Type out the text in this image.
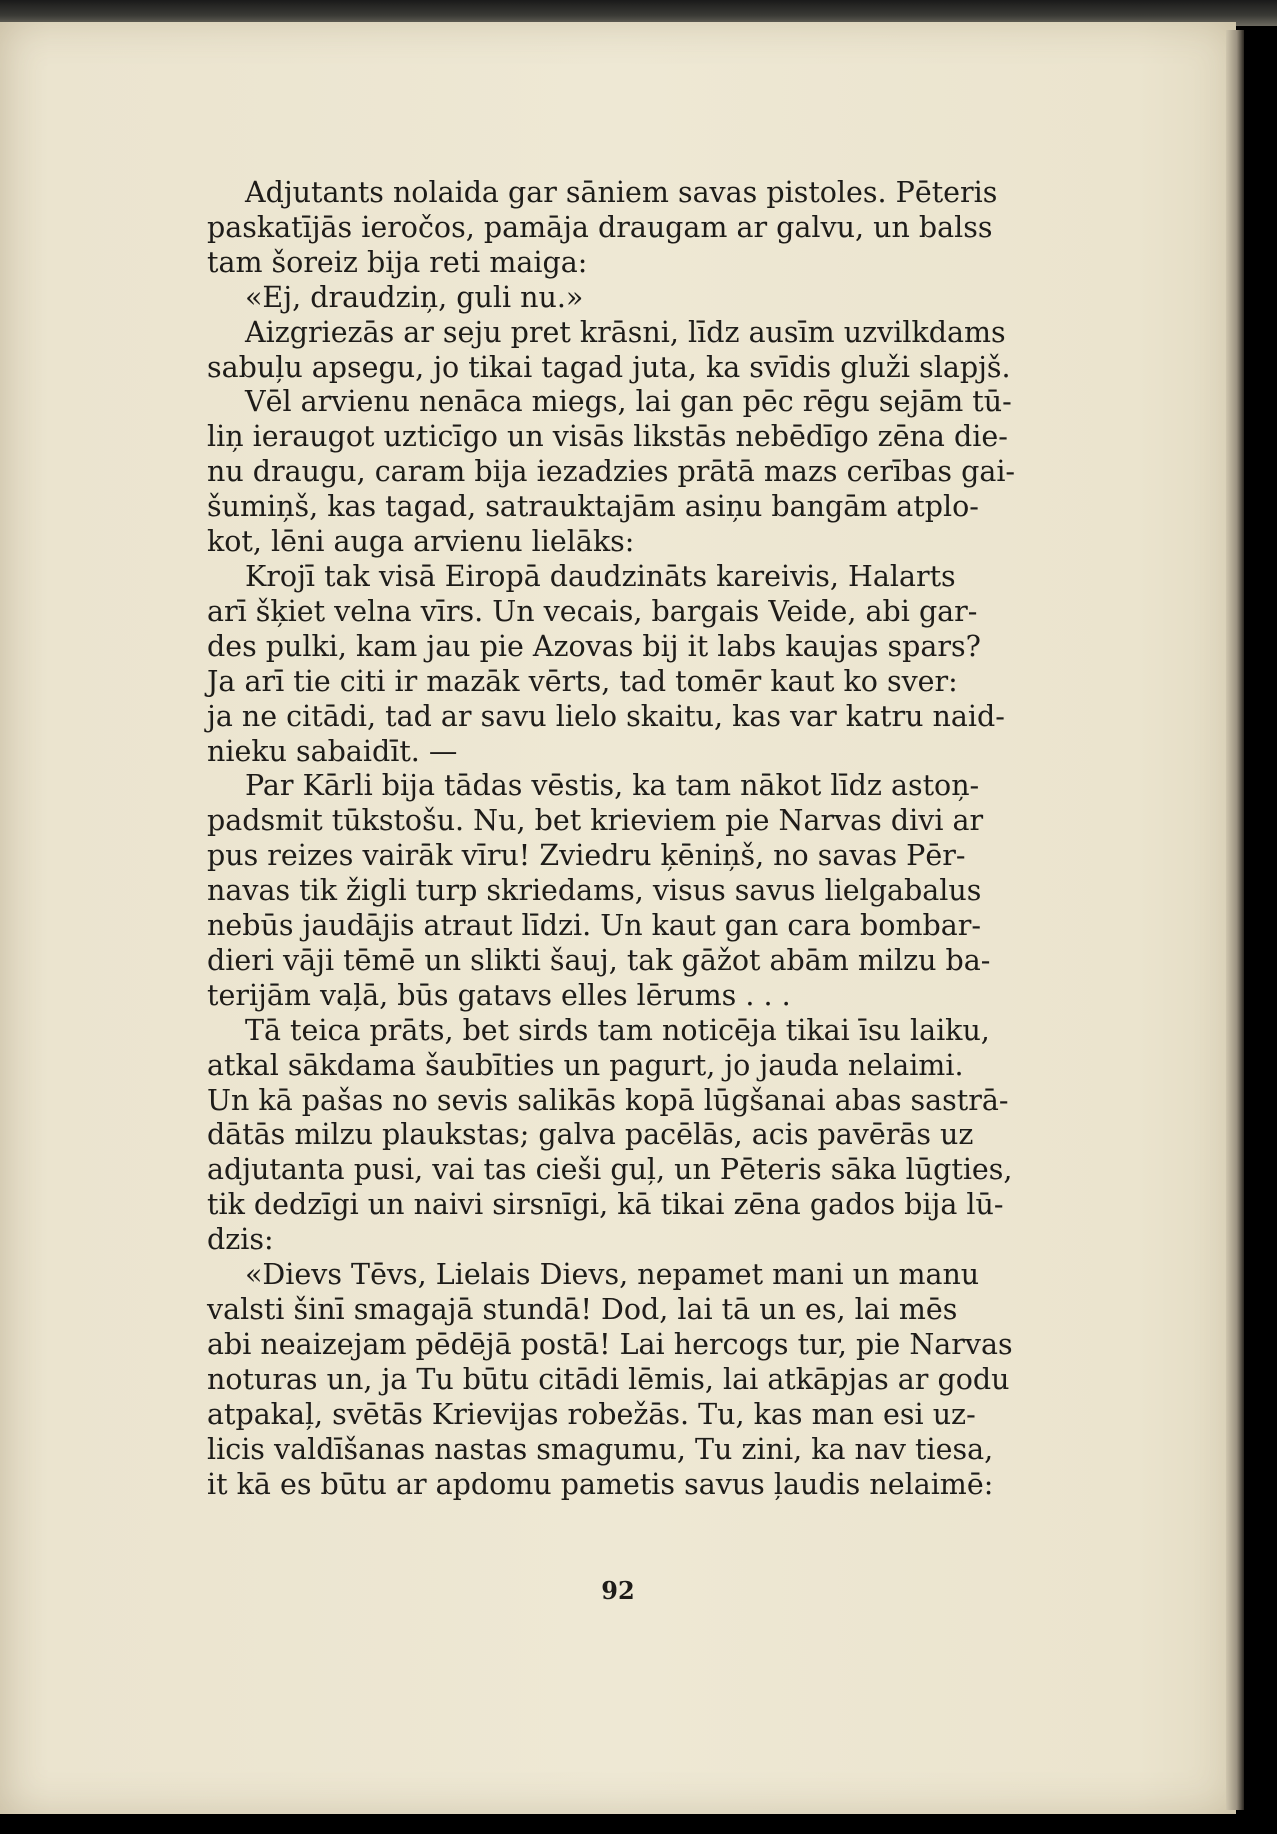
Adjutants nolaida gar sāniem savas pistoles. Pēteris
paskatījās ieročos, pamāja draugam ar galvu, un balss
tam šoreiz bija reti maiga:

«Ej, draudziņ, guli nu.»

Aizgriezās ar seju pret krāsni, līdz ausīm uzvilkdams
sabuļu apsegu, jo tikai tagad juta, ka svīdis gluži slapjš.

Vēl arvienu nenāca miegs, lai gan pēc rēgu sejām tū-
liņ ieraugot uzticīgo un visās likstās nebēdīgo zēna die-
nu draugu, caram bija iezadzies prātā mazs cerības gai-
šumiņš, kas tagad, satrauktajām asiņu bangām atplo-
kot, lēni auga arvienu lielāks:

Krojī tak visā Eiropā daudzināts kareivis, Halarts
arī šķiet velna vīrs. Un vecais, bargais Veide, abi gar-
des pulki, kam jau pie Azovas bij it labs kaujas spars?
Ja arī tie citi ir mazāk vērts, tad tomēr kaut ko sver:
ja ne citādi, tad ar savu lielo skaitu, kas var katru naid-
nieku sabaidīt. —

Par Kārli bija tādas vēstis, ka tam nākot līdz astoņ-
padsmit tūkstošu. Nu, bet krieviem pie Narvas divi ar
pus reizes vairāk vīru! Zviedru ķēniņš, no savas Pēr-
navas tik žigli turp skriedams, visus savus lielgabalus
nebūs jaudājis atraut līdzi. Un kaut gan cara bombar-
dieri vāji tēmē un slikti šauj, tak gāžot abām milzu ba-
terijām vaļā, būs gatavs elles lērums . . .

Tā teica prāts, bet sirds tam noticēja tikai īsu laiku,
atkal sākdama šaubīties un pagurt, jo jauda nelaimi.
Un kā pašas no sevis salikās kopā lūgšanai abas sastrā-
dātās milzu plaukstas; galva pacēlās, acis pavērās uz
adjutanta pusi, vai tas cieši guļ, un Pēteris sāka lūgties,
tik dedzīgi un naivi sirsnīgi, kā tikai zēna gados bija lū-
dzis:

«Dievs Tēvs, Lielais Dievs, nepamet mani un manu
valsti šinī smagajā stundā! Dod, lai tā un es, lai mēs
abi neaizejam pēdējā postā! Lai hercogs tur, pie Narvas
noturas un, ja Tu būtu citādi lēmis, lai atkāpjas ar godu
atpakaļ, svētās Krievijas robežās. Tu, kas man esi uz-
licis valdīšanas nastas smagumu, Tu zini, ka nav tiesa,
it kā es būtu ar apdomu pametis savus ļaudis nelaimē:

92
